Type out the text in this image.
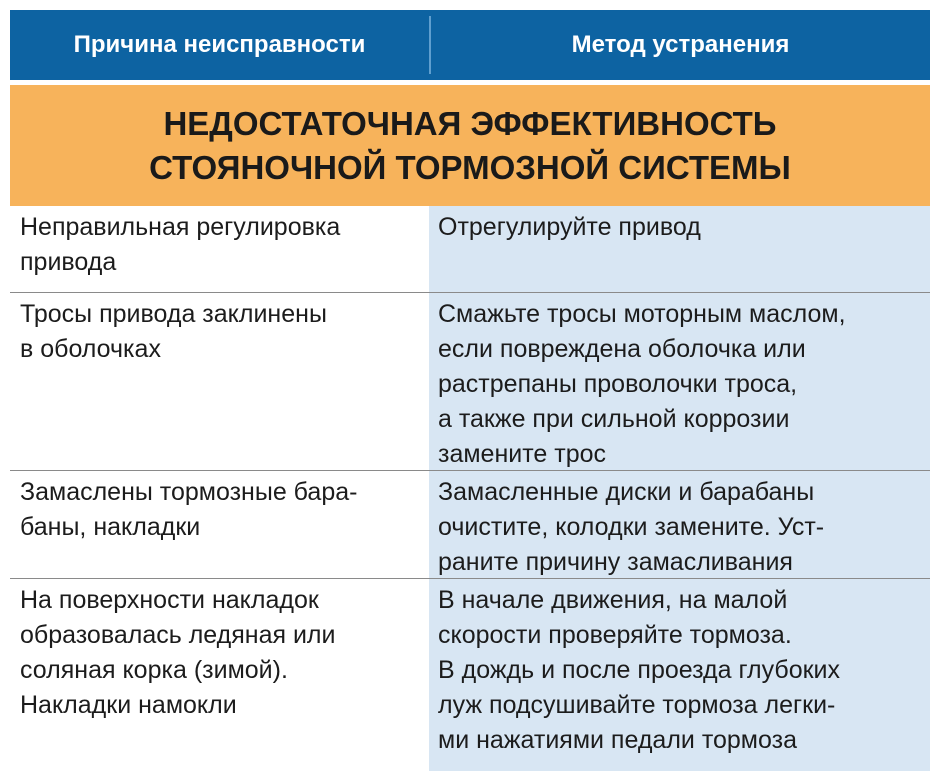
Причина неисправности	Метод устранения
НЕДОСТАТОЧНАЯ ЭФФЕКТИВНОСТЬ
СТОЯНОЧНОЙ ТОРМОЗНОЙ СИСТЕМЫ
Неправильная регулировка
привода
Отрегулируйте привод
Тросы привода заклинены
в оболочках
Смажьте тросы моторным маслом,
если повреждена оболочка или
растрепаны проволочки троса,
а также при сильной коррозии
замените трос
Замаслены тормозные бара-
баны, накладки
Замасленные диски и барабаны
очистите, колодки замените. Уст-
раните причину замасливания
На поверхности накладок
образовалась ледяная или
соляная корка (зимой).
Накладки намокли
В начале движения, на малой
скорости проверяйте тормоза.
В дождь и после проезда глубоких
луж подсушивайте тормоза легки-
ми нажатиями педали тормоза
